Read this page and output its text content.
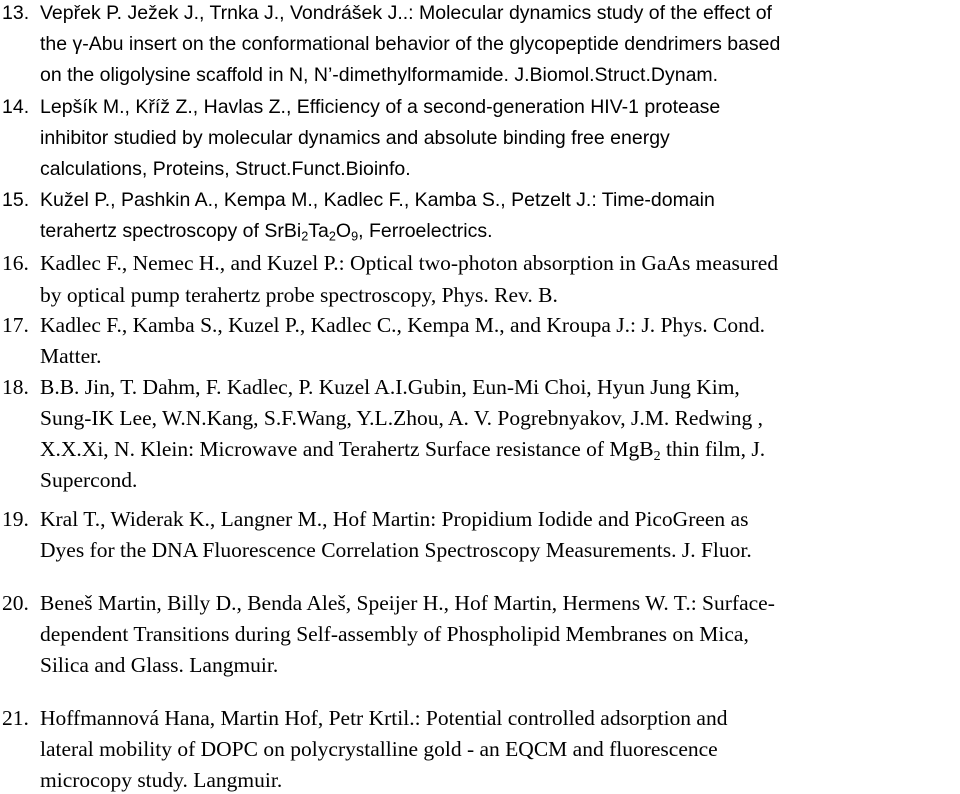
13. Vepřek P. Ježek J., Trnka J., Vondrášek J..: Molecular dynamics study of the effect of
the γ-Abu insert on the conformational behavior of the glycopeptide dendrimers based
on the oligolysine scaffold in N, N’-dimethylformamide. J.Biomol.Struct.Dynam.
14. Lepšík M., Kříž Z., Havlas Z., Efficiency of a second-generation HIV-1 protease
inhibitor studied by molecular dynamics and absolute binding free energy
calculations, Proteins, Struct.Funct.Bioinfo.
15. Kužel P., Pashkin A., Kempa M., Kadlec F., Kamba S., Petzelt J.: Time-domain
terahertz spectroscopy of $SrBi_2Ta_2O_9$, Ferroelectrics.
16. Kadlec F., Nemec H., and Kuzel P.: Optical two-photon absorption in GaAs measured
by optical pump terahertz probe spectroscopy, Phys. Rev. B.
17. Kadlec F., Kamba S., Kuzel P., Kadlec C., Kempa M., and Kroupa J.: J. Phys. Cond.
Matter.
18. B.B. Jin, T. Dahm, F. Kadlec, P. Kuzel A.I.Gubin, Eun-Mi Choi, Hyun Jung Kim,
Sung-IK Lee, W.N.Kang, S.F.Wang, Y.L.Zhou, A. V. Pogrebnyakov, J.M. Redwing ,
X.X.Xi, N. Klein: Microwave and Terahertz Surface resistance of MgB$_2$ thin film, J.
Supercond.
19. Kral T., Widerak K., Langner M., Hof Martin: Propidium Iodide and PicoGreen as
Dyes for the DNA Fluorescence Correlation Spectroscopy Measurements. J. Fluor.
20. Beneš Martin, Billy D., Benda Aleš, Speijer H., Hof Martin, Hermens W. T.: Surface-
dependent Transitions during Self-assembly of Phospholipid Membranes on Mica,
Silica and Glass. Langmuir.
21. Hoffmannová Hana, Martin Hof, Petr Krtil.: Potential controlled adsorption and
lateral mobility of DOPC on polycrystalline gold - an EQCM and fluorescence
microcopy study. Langmuir.
